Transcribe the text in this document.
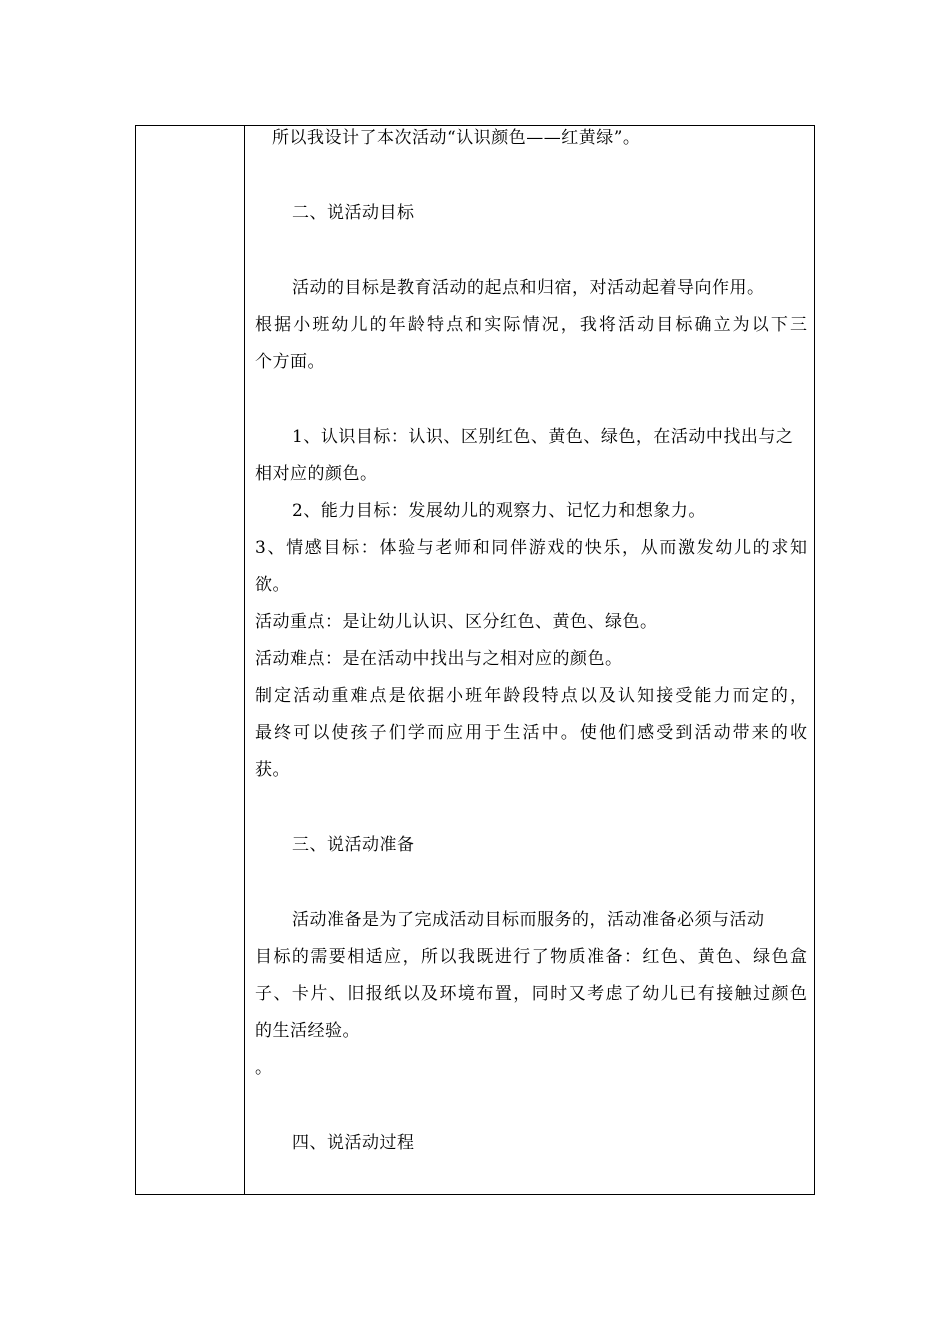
所以我设计了本次活动“认识颜色——红黄绿”。
二、说活动目标
活动的目标是教育活动的起点和归宿，对活动起着导向作用。
根据小班幼儿的年龄特点和实际情况，我将活动目标确立为以下三
个方面。
1、认识目标：认识、区别红色、黄色、绿色，在活动中找出与之
相对应的颜色。
2、能力目标：发展幼儿的观察力、记忆力和想象力。
3、情感目标：体验与老师和同伴游戏的快乐，从而激发幼儿的求知
欲。
活动重点：是让幼儿认识、区分红色、黄色、绿色。
活动难点：是在活动中找出与之相对应的颜色。
制定活动重难点是依据小班年龄段特点以及认知接受能力而定的，
最终可以使孩子们学而应用于生活中。使他们感受到活动带来的收
获。
三、说活动准备
活动准备是为了完成活动目标而服务的，活动准备必须与活动
目标的需要相适应，所以我既进行了物质准备：红色、黄色、绿色盒
子、卡片、旧报纸以及环境布置，同时又考虑了幼儿已有接触过颜色
的生活经验。
。
四、说活动过程
